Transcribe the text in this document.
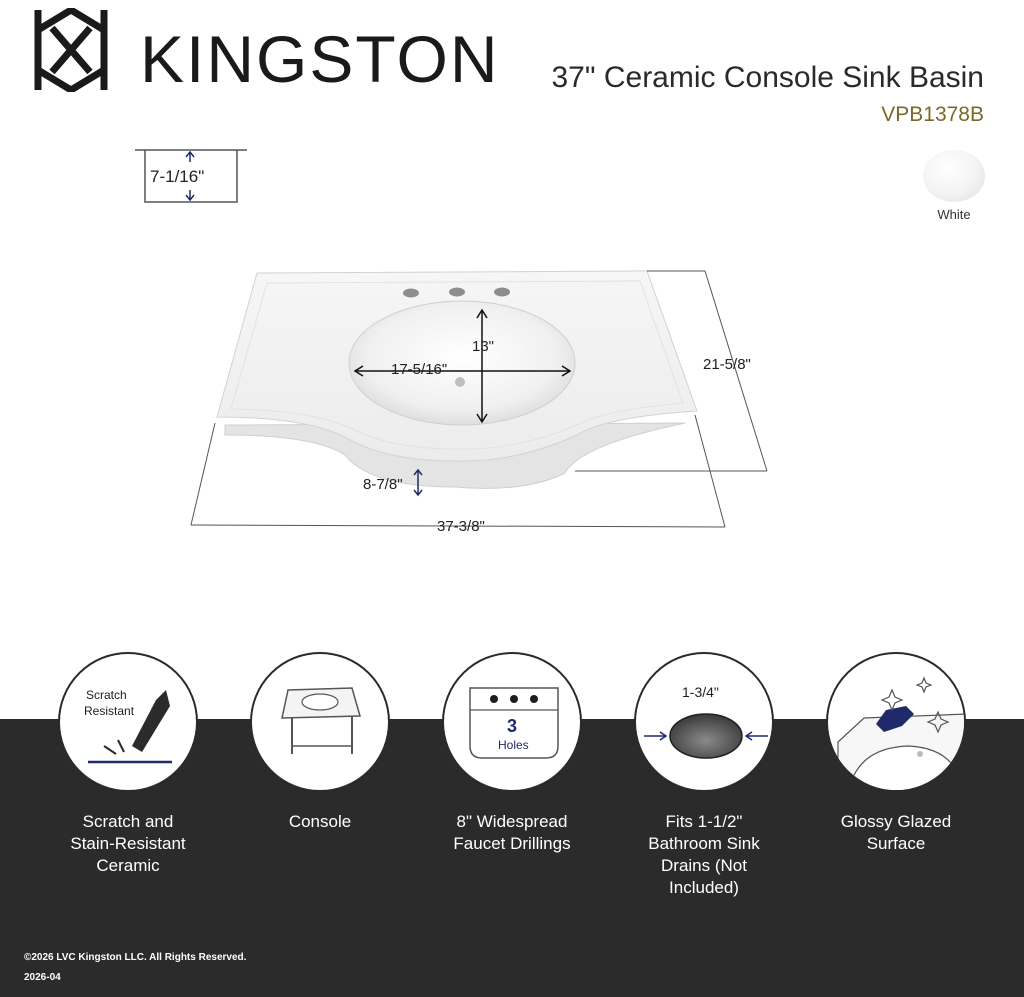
KINGSTON 37" Ceramic Console Sink Basin
VPB1378B
White
7-1/16"
13"
17-5/16"	21-5/8"
8-7/8"
37-3/8"
Scratch
Resistant
Scratch and
Stain-Resistant
Ceramic
Console
3
Holes
8" Widespread
Faucet Drillings
1-3/4"
Fits 1-1/2"
Bathroom Sink
Drains (Not
Included)
Glossy Glazed
Surface
©2026 LVC Kingston LLC. All Rights Reserved.
2026-04
